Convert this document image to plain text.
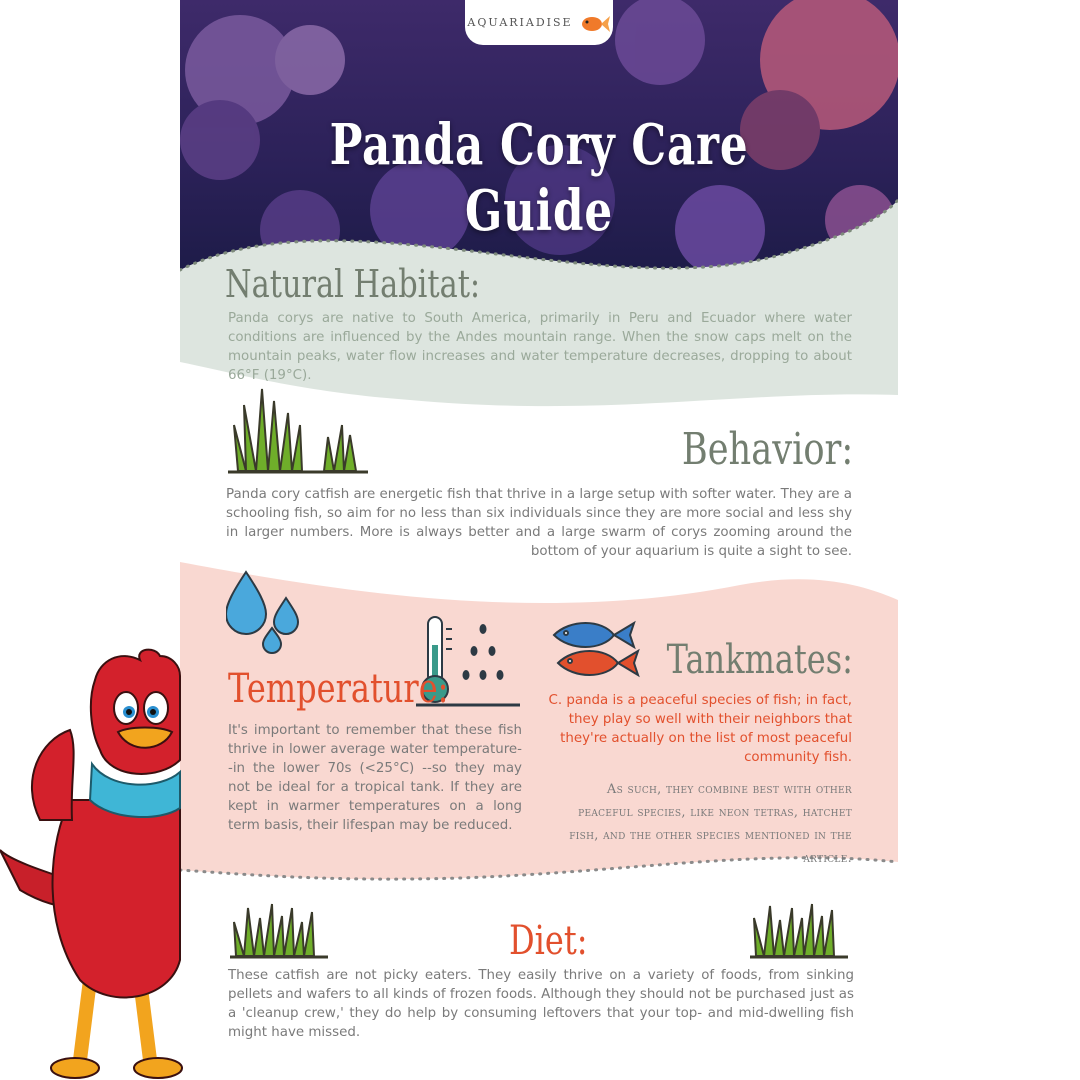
AQUARIADISE
Panda Cory Care Guide
Natural Habitat:

Panda corys are native to South America, primarily in Peru and Ecuador where water conditions are influenced by the Andes mountain range. When the snow caps melt on the mountain peaks, water flow increases and water temperature decreases, dropping to about 66°F (19°C).

Behavior:

Panda cory catfish are energetic fish that thrive in a large setup with softer water. They are a schooling fish, so aim for no less than six individuals since they are more social and less shy in larger numbers. More is always better and a large swarm of corys zooming around the bottom of your aquarium is quite a sight to see.

Temperature:

It's important to remember that these fish thrive in lower average water temperature--in the lower 70s (<25°C) --so they may not be ideal for a tropical tank. If they are kept in warmer temperatures on a long term basis, their lifespan may be reduced.

Tankmates:

C. panda is a peaceful species of fish; in fact, they play so well with their neighbors that they're actually on the list of most peaceful community fish.

As such, they combine best with other peaceful species, like neon tetras, hatchet fish, and the other species mentioned in the article.

Diet:

These catfish are not picky eaters. They easily thrive on a variety of foods, from sinking pellets and wafers to all kinds of frozen foods. Although they should not be purchased just as a 'cleanup crew,' they do help by consuming leftovers that your top- and mid-dwelling fish might have missed.
